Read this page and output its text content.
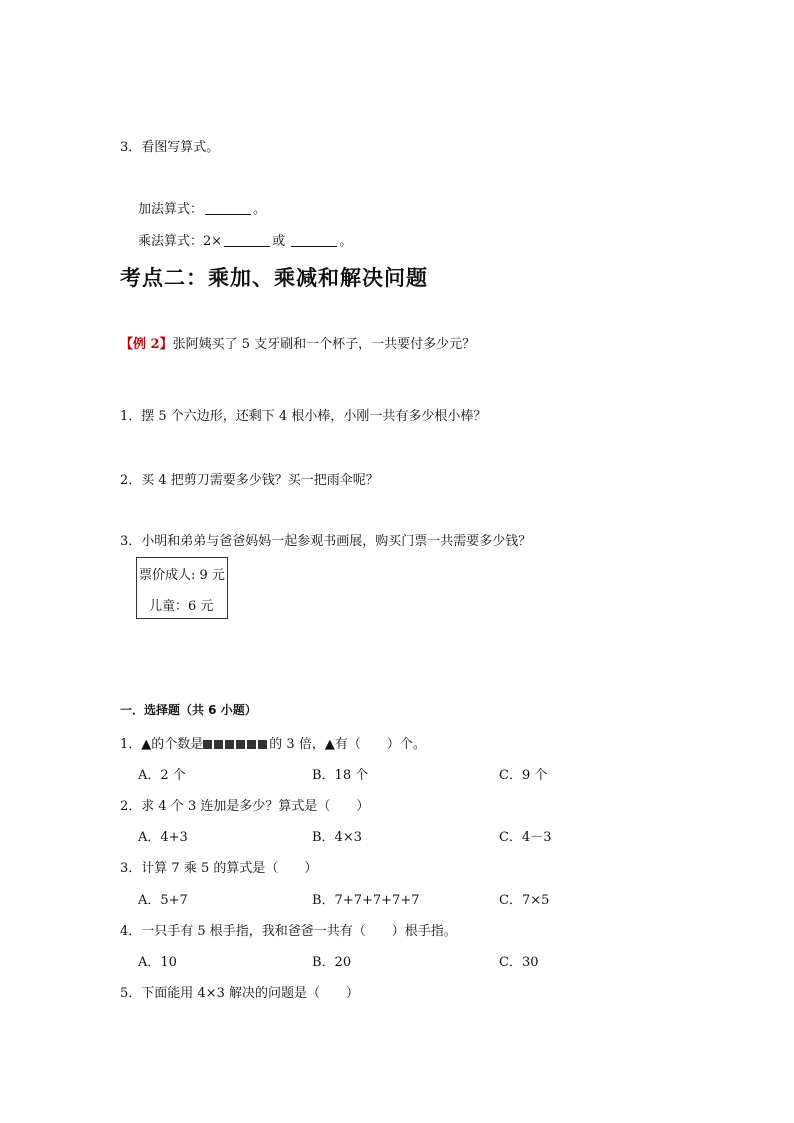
3．看图写算式。
加法算式：	。
乘法算式：2×	或	。
考点二：乘加、乘减和解决问题
【例 2】张阿姨买了 5 支牙刷和一个杯子，一共要付多少元？
1．摆 5 个六边形，还剩下 4 根小棒，小刚一共有多少根小棒？
2．买 4 把剪刀需要多少钱？买一把雨伞呢？
3．小明和弟弟与爸爸妈妈一起参观书画展，购买门票一共需要多少钱？
票价成人: 9 元
儿童：6 元
一．选择题（共 6 小题）
1．▲的个数是	的 3 倍，▲有（　　）个。
A．2 个	B．18 个	C．9 个
2．求 4 个 3 连加是多少？算式是（　　）
A．4+3	B．4×3	C．4－3
3．计算 7 乘 5 的算式是（　　）
A．5+7	B．7+7+7+7+7	C．7×5
4．一只手有 5 根手指，我和爸爸一共有（　　）根手指。
A．10	B．20	C．30
5．下面能用 4×3 解决的问题是（　　）
